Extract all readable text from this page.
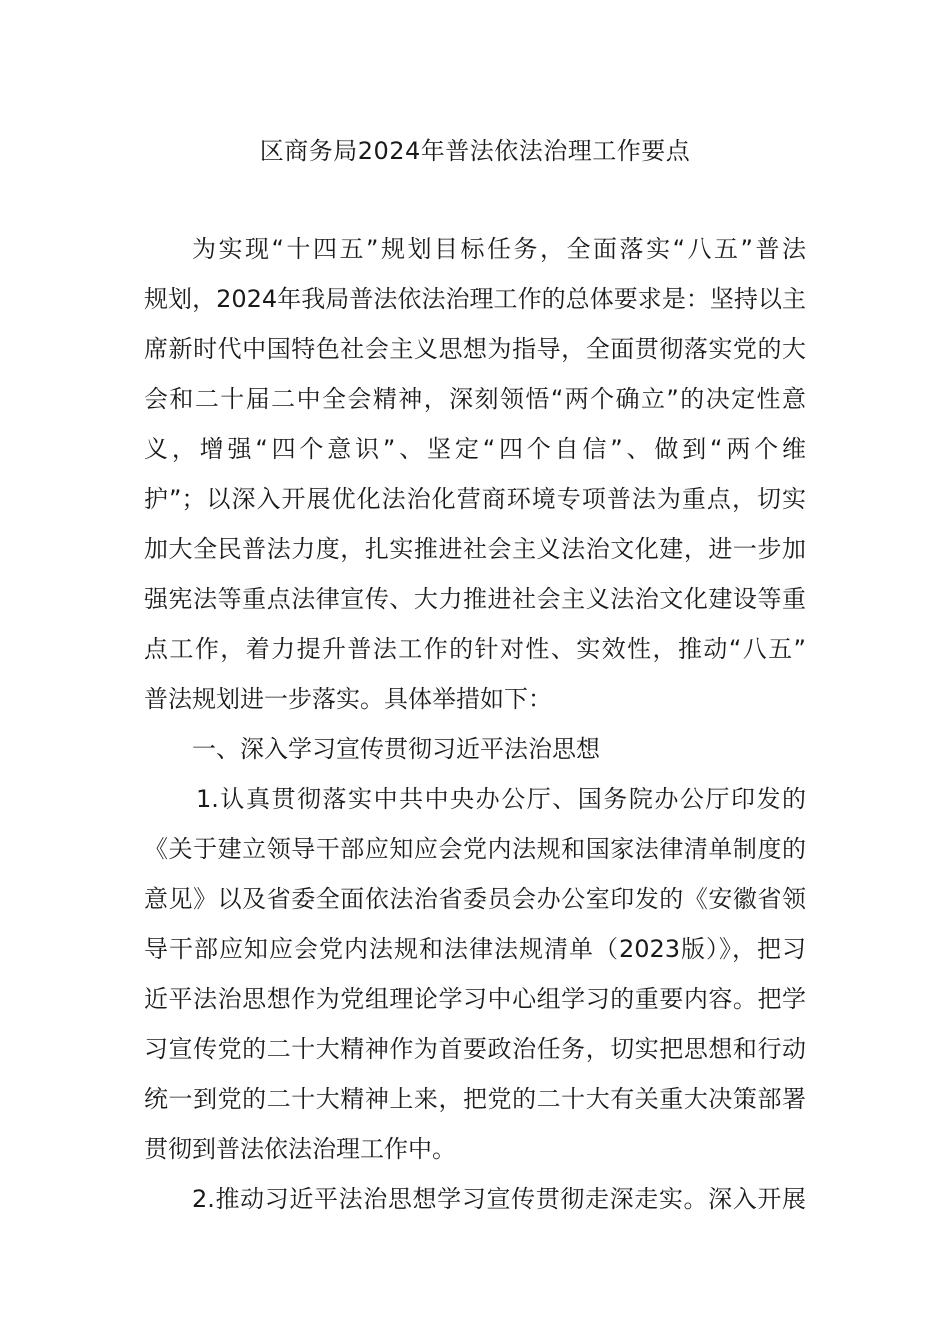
区商务局2024年普法依法治理工作要点

为实现“十四五”规划目标任务，全面落实“八五”普法

规划，2024年我局普法依法治理工作的总体要求是：坚持以主

席新时代中国特色社会主义思想为指导，全面贯彻落实党的大

会和二十届二中全会精神，深刻领悟“两个确立”的决定性意

义，增强“四个意识”、坚定“四个自信”、做到“两个维

护”；以深入开展优化法治化营商环境专项普法为重点，切实

加大全民普法力度，扎实推进社会主义法治文化建，进一步加

强宪法等重点法律宣传、大力推进社会主义法治文化建设等重

点工作，着力提升普法工作的针对性、实效性，推动“八五”

普法规划进一步落实。具体举措如下：

一、深入学习宣传贯彻习近平法治思想

1.认真贯彻落实中共中央办公厅、国务院办公厅印发的

《关于建立领导干部应知应会党内法规和国家法律清单制度的

意见》以及省委全面依法治省委员会办公室印发的《安徽省领

导干部应知应会党内法规和法律法规清单（2023版）》，把习

近平法治思想作为党组理论学习中心组学习的重要内容。把学

习宣传党的二十大精神作为首要政治任务，切实把思想和行动

统一到党的二十大精神上来，把党的二十大有关重大决策部署

贯彻到普法依法治理工作中。

2.推动习近平法治思想学习宣传贯彻走深走实。深入开展
